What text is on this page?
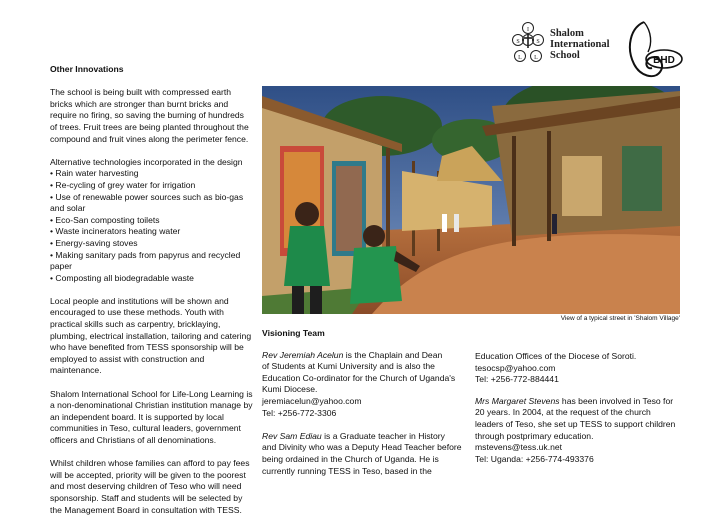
I
S	S
L L
Shalom
International
School	BHD
Other Innovations

The school is being built with compressed earth
bricks which are stronger than burnt bricks and
require no firing, so saving the burning of hundreds
of trees. Fruit trees are being planted throughout the
compound and fruit vines along the perimeter fence.

Alternative technologies incorporated in the design
• Rain water harvesting
• Re-cycling of grey water for irrigation
• Use of renewable power sources such as bio-gas
and solar
• Eco-San composting toilets
• Waste incinerators heating water
• Energy-saving stoves
• Making sanitary pads from papyrus and recycled
paper
• Composting all biodegradable waste

Local people and institutions will be shown and
encouraged to use these methods. Youth with
practical skills such as carpentry, bricklaying,
plumbing, electrical installation, tailoring and catering
who have benefited from TESS sponsorship will be
employed to assist with construction and
maintenance.

Shalom International School for Life-Long Learning is
a non-denominational Christian institution manage by
an independent board. It is supported by local
communities in Teso, cultural leaders, government
officers and Christians of all denominations.

Whilst children whose families can afford to pay fees
will be accepted, priority will be given to the poorest
and most deserving children of Teso who will need
sponsorship. Staff and students will be selected by
the Management Board in consultation with TESS.

View of a typical street in 'Shalom Village'
Visioning Team

Rev Jeremiah Acelun is the Chaplain and Dean
of Students at Kumi University and is also the
Education Co-ordinator for the Church of Uganda's
Kumi Diocese.
jeremiacelun@yahoo.com
Tel: +256-772-3306

Rev Sam Ediau is a Graduate teacher in History
and Divinity who was a Deputy Head Teacher before
being ordained in the Church of Uganda. He is
currently running TESS in Teso, based in the

Education Offices of the Diocese of Soroti.
tesocsp@yahoo.com
Tel: +256-772-884441

Mrs Margaret Stevens has been involved in Teso for
20 years. In 2004, at the request of the church
leaders of Teso, she set up TESS to support children
through postprimary education.
mstevens@tess.uk.net
Tel: Uganda: +256-774-493376
